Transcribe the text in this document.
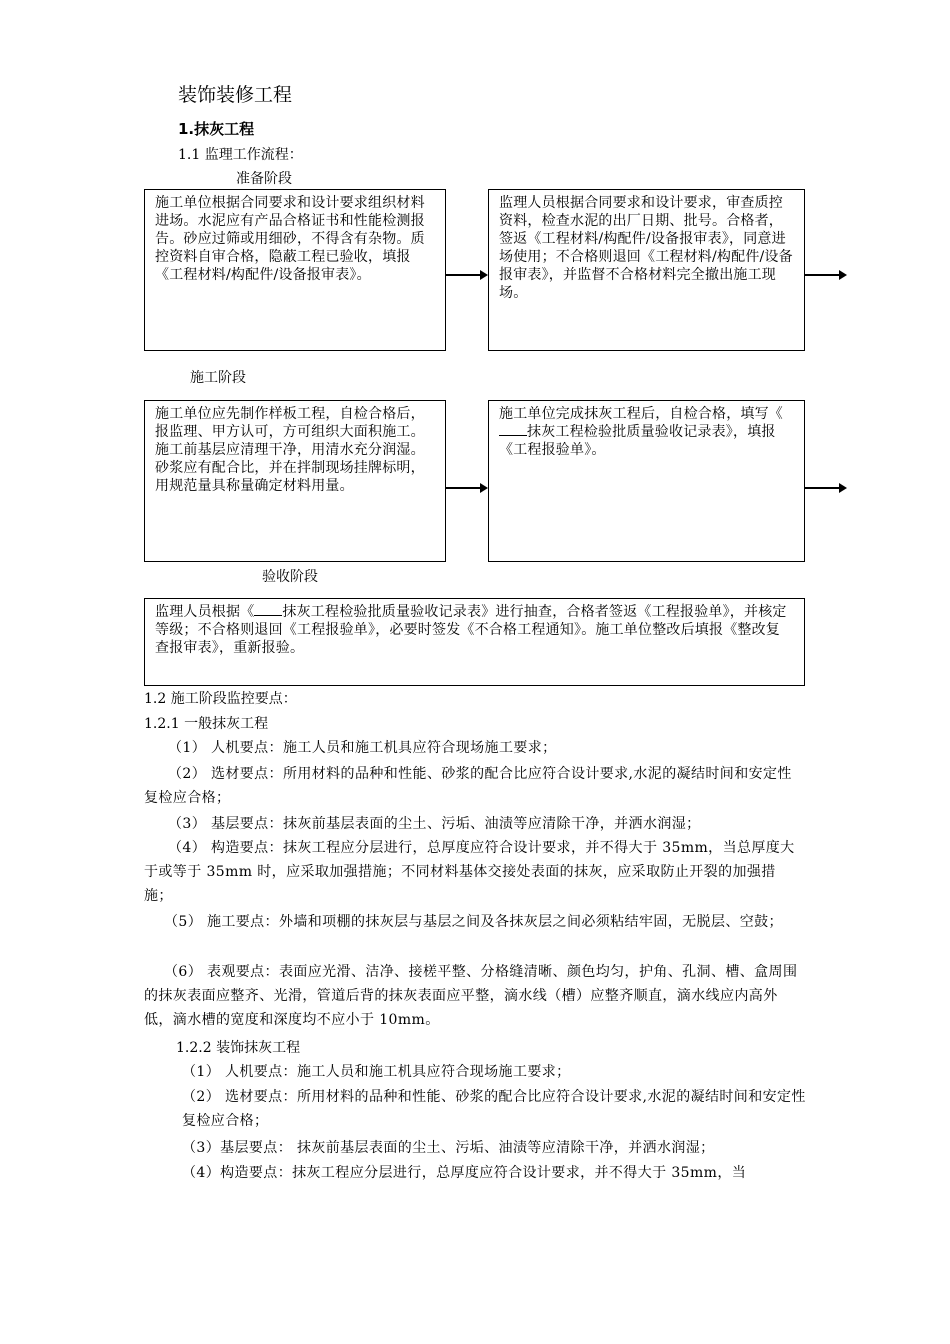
装饰装修工程
1.抹灰工程
1.1 监理工作流程：
准备阶段
施工单位根据合同要求和设计要求组织材料进场。水泥应有产品合格证书和性能检测报告。砂应过筛或用细砂，不得含有杂物。质控资料自审合格，隐蔽工程已验收，填报《工程材料/构配件/设备报审表》。
监理人员根据合同要求和设计要求，审查质控资料，检查水泥的出厂日期、批号。合格者，签返《工程材料/构配件/设备报审表》，同意进场使用；不合格则退回《工程材料/构配件/设备报审表》，并监督不合格材料完全撤出施工现场。
施工阶段
施工单位应先制作样板工程，自检合格后，报监理、甲方认可，方可组织大面积施工。施工前基层应清理干净，用清水充分润湿。砂浆应有配合比，并在拌制现场挂牌标明，用规范量具称量确定材料用量。
施工单位完成抹灰工程后，自检合格，填写《抹灰工程检验批质量验收记录表》，填报《工程报验单》。
验收阶段
监理人员根据《 抹灰工程检验批质量验收记录表》进行抽查，合格者签返《工程报验单》，并核定等级；不合格则退回《工程报验单》，必要时签发《不合格工程通知》。施工单位整改后填报《整改复查报审表》，重新报验。
1.2 施工阶段监控要点：
1.2.1 一般抹灰工程
（1） 人机要点：施工人员和施工机具应符合现场施工要求；
（2） 选材要点：所用材料的品种和性能、砂浆的配合比应符合设计要求,水泥的凝结时间和安定性复检应合格；
（3） 基层要点：抹灰前基层表面的尘土、污垢、油渍等应清除干净，并洒水润湿；
（4） 构造要点：抹灰工程应分层进行，总厚度应符合设计要求，并不得大于 35mm，当总厚度大于或等于 35mm 时，应采取加强措施；不同材料基体交接处表面的抹灰，应采取防止开裂的加强措施；
（5） 施工要点：外墙和项棚的抹灰层与基层之间及各抹灰层之间必须粘结牢固，无脱层、空鼓；
（6） 表观要点：表面应光滑、洁净、接槎平整、分格缝清晰、颜色均匀，护角、孔洞、槽、盒周围的抹灰表面应整齐、光滑，管道后背的抹灰表面应平整，滴水线（槽）应整齐顺直，滴水线应内高外低，滴水槽的宽度和深度均不应小于 10mm。
1.2.2 装饰抹灰工程
（1） 人机要点：施工人员和施工机具应符合现场施工要求；
（2） 选材要点：所用材料的品种和性能、砂浆的配合比应符合设计要求,水泥的凝结时间和安定性复检应合格；
（3）基层要点： 抹灰前基层表面的尘土、污垢、油渍等应清除干净，并洒水润湿；
（4）构造要点：抹灰工程应分层进行，总厚度应符合设计要求，并不得大于 35mm，当
